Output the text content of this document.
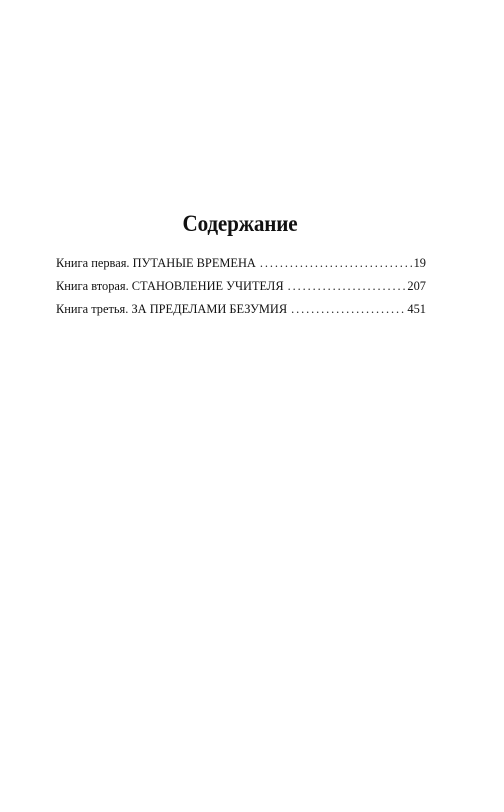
Содержание
Книга первая. ПУТАНЫЕ ВРЕМЕНА . . .	19
Книга вторая. СТАНОВЛЕНИЕ УЧИТЕЛЯ . . .	207
Книга третья. ЗА ПРЕДЕЛАМИ БЕЗУМИЯ . . .	451
